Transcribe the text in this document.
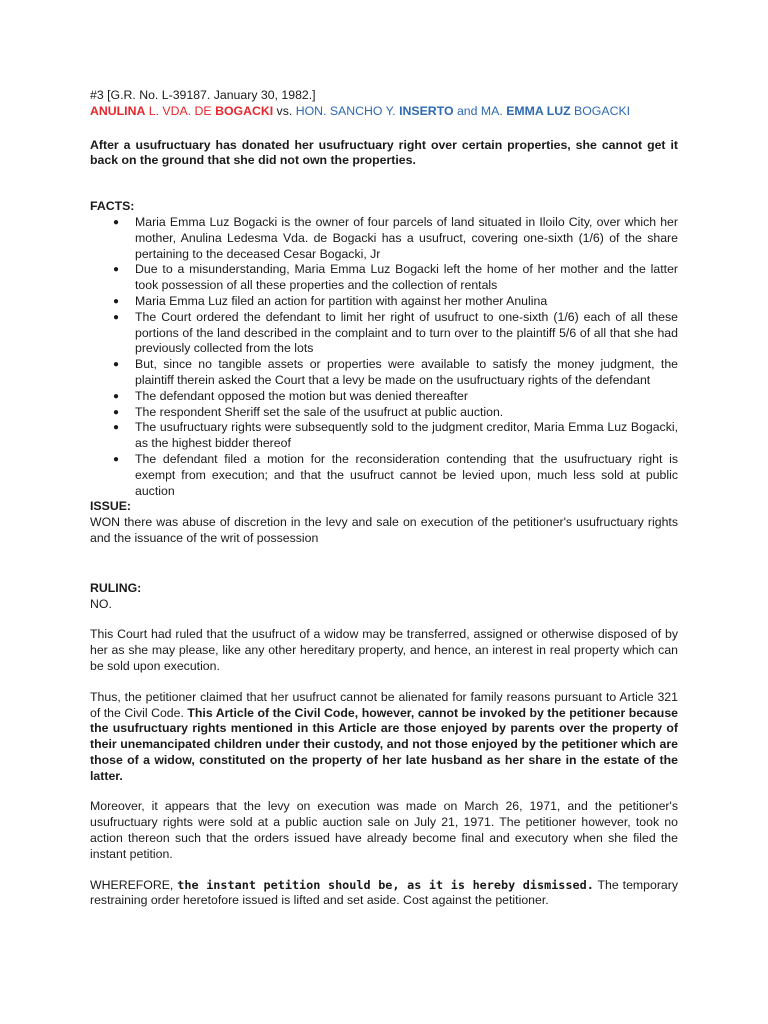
#3 [G.R. No. L-39187. January 30, 1982.]

ANULINA L. VDA. DE BOGACKI vs. HON. SANCHO Y. INSERTO and MA. EMMA LUZ BOGACKI

After a usufructuary has donated her usufructuary right over certain properties, she cannot get it back on the ground that she did not own the properties.

FACTS:

● Maria Emma Luz Bogacki is the owner of four parcels of land situated in Iloilo City, over which her mother, Anulina Ledesma Vda. de Bogacki has a usufruct, covering one-sixth (1/6) of the share pertaining to the deceased Cesar Bogacki, Jr
● Due to a misunderstanding, Maria Emma Luz Bogacki left the home of her mother and the latter took possession of all these properties and the collection of rentals
● Maria Emma Luz filed an action for partition with against her mother Anulina
● The Court ordered the defendant to limit her right of usufruct to one-sixth (1/6) each of all these portions of the land described in the complaint and to turn over to the plaintiff 5/6 of all that she had previously collected from the lots
● But, since no tangible assets or properties were available to satisfy the money judgment, the plaintiff therein asked the Court that a levy be made on the usufructuary rights of the defendant
● The defendant opposed the motion but was denied thereafter
● The respondent Sheriff set the sale of the usufruct at public auction.
● The usufructuary rights were subsequently sold to the judgment creditor, Maria Emma Luz Bogacki, as the highest bidder thereof
● The defendant filed a motion for the reconsideration contending that the usufructuary right is exempt from execution; and that the usufruct cannot be levied upon, much less sold at public auction

ISSUE:

WON there was abuse of discretion in the levy and sale on execution of the petitioner's usufructuary rights and the issuance of the writ of possession

RULING:

NO.

This Court had ruled that the usufruct of a widow may be transferred, assigned or otherwise disposed of by her as she may please, like any other hereditary property, and hence, an interest in real property which can be sold upon execution.

Thus, the petitioner claimed that her usufruct cannot be alienated for family reasons pursuant to Article 321 of the Civil Code. This Article of the Civil Code, however, cannot be invoked by the petitioner because the usufructuary rights mentioned in this Article are those enjoyed by parents over the property of their unemancipated children under their custody, and not those enjoyed by the petitioner which are those of a widow, constituted on the property of her late husband as her share in the estate of the latter.

Moreover, it appears that the levy on execution was made on March 26, 1971, and the petitioner's usufructuary rights were sold at a public auction sale on July 21, 1971. The petitioner however, took no action thereon such that the orders issued have already become final and executory when she filed the instant petition.

WHEREFORE, the instant petition should be, as it is hereby dismissed. The temporary restraining order heretofore issued is lifted and set aside. Cost against the petitioner.
